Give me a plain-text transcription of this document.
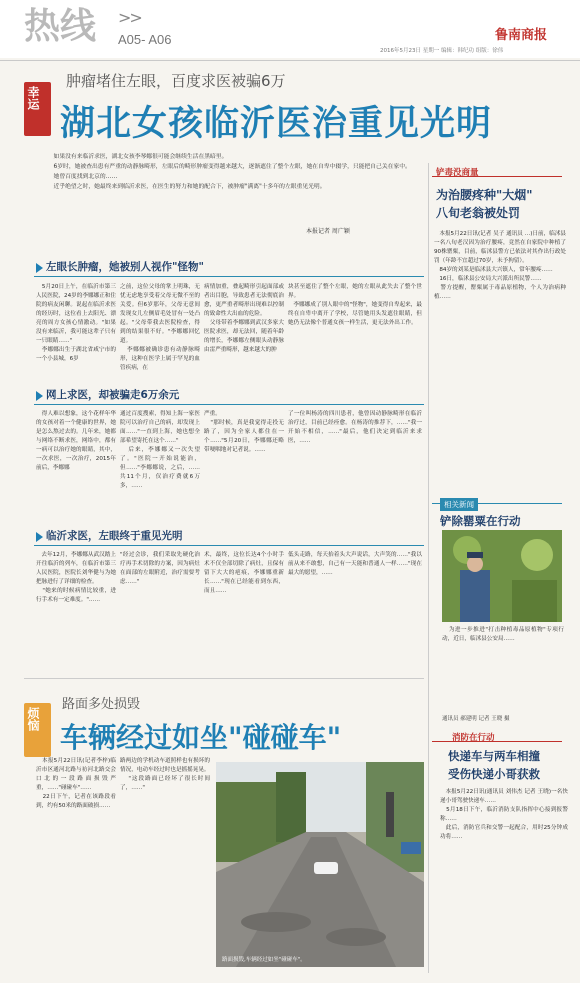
热线 >>
A05- A06	鲁南商报
2016年5月23日 星期一 编辑：韩纪功 组版：徐伟
幸运
肿瘤堵住左眼，百度求医被骗6万
湖北女孩临沂医治重见光明
如果没有来临沂求医，湖北女孩李琴娜很可能会继续生活在黑暗里。
6岁时，她被查出患有严重的动静脉畸形，左眼后的畸形肿瘤变得越来越大，逐渐遮住了整个左眼，她在自卑中辍学，只能把自己关在家中。
她曾百度找到北京的……
近乎绝望之时，她最终来到临沂求医，在医生的努力和她的配合下，被肿瘤"满离"十多年的左眼重见光明。
本报记者 周广颖
左眼长肿瘤，她被别人视作"怪物"
5月20日上午，在临沂市第三人民医院，24岁的李娜娜正和住院的病友闲聊。说起在临沂求医的经历时，这位看上去阳光、漂亮的周方女孩心情激动。"如果没有来临沂，我可能这辈子只有一只眼睛……"
李娜娜出生于湖北省咸宁市的一个小县城，6岁
之前，这位父母的掌上明珠，无忧无虑地享受着父母无微不至的关爱。但6岁那年，父母无意间发现女儿左侧眉毛处冒有一处凸起。"父母带我去医院检查，得到的结果很不好。"李娜娜回忆道。
李娜娜被确诊患有动静脉畸形，这种在医学上属于罕见的血管疾病，在
病情加重，叠起畸形引起面部或者出目胞，导致患者无法彻底治愈，更严重者畸形出现难以控制的致命性大出血的危险。
父母带着李娜娜到武汉多家大医院求医，却无法回，随着年龄的增长，李娜娜左侧眼头动静脉由雷严重畸形，越来越大的肿
块甚至遮住了整个左眼，她的左眼从此失去了整个世界。
李娜娜成了别人眼中的"怪物"，她变得自卑起来，最终在自卑中离开了学校，尽管她用头发遮住眼睛，但她仍无法像个普通女孩一样生活，更无法外出工作。
网上求医，却被骗走6万余元
得人难以想象，这个花样年华的女孩对着一个健康的世界，她是怎么熬过去的。几年来，她都与网络不断求医，网络中，都有一病可以治疗她的眼睛，其中，一次求医，一次治疗，2015年前后，李娜娜
通过百度搜索，得知上海一家医院可以治疗自己的病，却发现上面……"一直到上海，她也想全部希望寄托在这个……"
后来，李娜娜又一次失望了。"医院一开始说能治，但……"李娜娜说，之后，……共11个月，仅治疗费就6万多，……
严重。
"那时候，真是我觉得走投无路了，因为全家人都住在一个……"5月20日，李娜娜还略带哽咽地对记者说。……
了一位叫杨涛的四川患者，他曾因动静脉畸形在临沂治疗过，目前已经痊愈。在杨涛的推荐下，……"我一开始不相信，……"最后，他们决定到临沂来求医，……
临沂求医，左眼终于重见光明
去年12月，李娜娜从武汉踏上开往临沂的列车，在临沂市第三人民医院，医院长刘华健与为她把脉进行了详细的检查。
"她来的时候病情比较重，进行手术有一定难度。"……
"经过会诊，我们采取先硬化治疗再手术切除的方案，因为病灶在面部的左眼附近，治疗需要考虑……"
术，最终，这位长达4个小时手术不仅全部切除了病灶，且保有留下大大的疤痕，李娜娜重新长……"现在已经能看到东西，而且……
低头走路，每天抬着头大声说话，大声笑的……"我以前从来不敢想，自己有一天能和普通人一样……"现在最大的愿望，……
烦恼
路面多处损毁
车辆经过如坐"碰碰车"
本报5月22日讯(记者李梓)临沂市区通河北路与祊河北路交会口北的一段路面损毁严重，……"碰碰车"……
22日下午，记者在该路段看到，约有50米的路面破损……
路两边的学机动车道照样也有损坏的情况，电动车经过时也是摇摇晃晃。
"这段路面已经坏了很长时间了，……"
路面损毁,车辆经过如坐"碰碰车"。
铲毒没商量
为治腰疼种"大烟"
八旬老翁被处罚
本报5月22日讯(记者 吴子 通讯员 …)日前，临沭县一名八旬老汉因为治疗腰疼，竟然在自家院中种植了90株罂粟，目前，临沭县警方已依法对其作出行政处罚（年龄不宜超过70岁，未予拘留）。
84岁的刘某是临沭县大兴镇人，常年腰疼……
16日，临沭县公安局大兴派出所民警……
警方提醒，罂粟属于毒品原植物，个人为治病种植……
相关新闻
铲除罂粟在行动
为进一步推进"打击种植毒品原植物"专项行动，近日，临沭县公安局……
通讯员 郝建明 记者 王晓 摄
消防在行动
快递车与两车相撞
受伤快递小哥获救
本报5月22日讯(通讯员 刘伟杰 记者 王晓)一名快递小哥驾驶快递车……
5月18日下午，临沂消防支队指挥中心接到报警称……
此后，消防官兵和交警一起配合，用时25分钟成功将……
